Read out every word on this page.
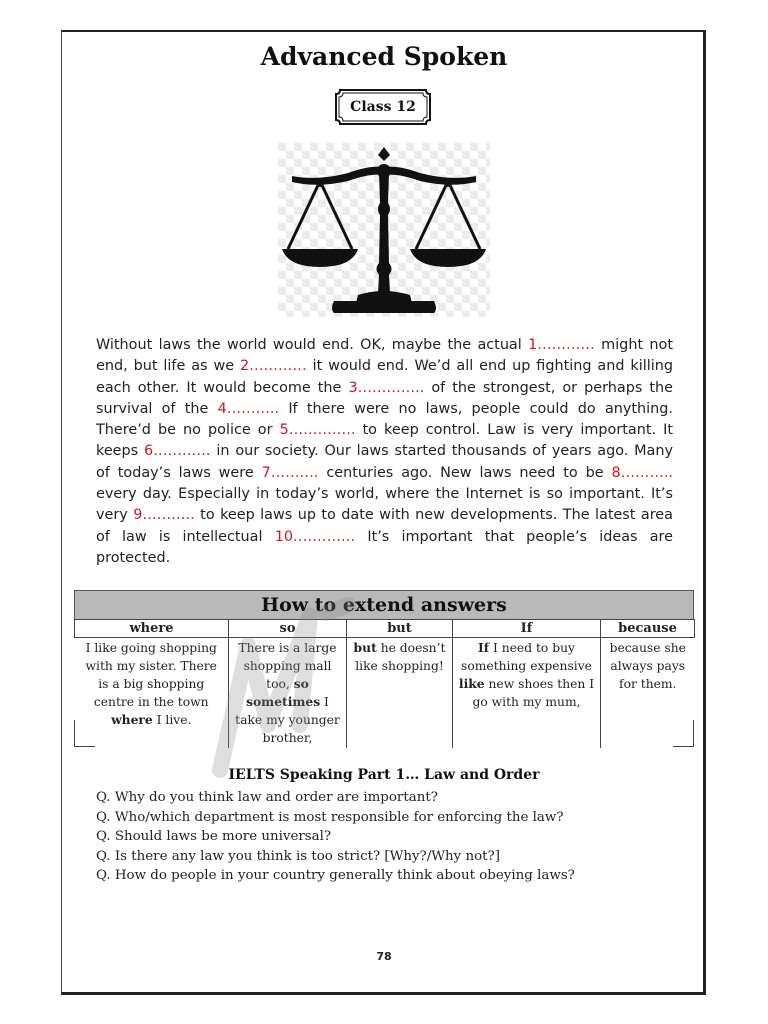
Advanced Spoken
Class 12

Without laws the world would end. OK, maybe the actual 1………… might not end, but life as we 2………… it would end. We’d all end up fighting and killing each other. It would become the 3………….. of the strongest, or perhaps the survival of the 4……….. If there were no laws, people could do anything. There’d be no police or 5………….. to keep control. Law is very important. It keeps 6………… in our society. Our laws started thousands of years ago. Many of today’s laws were 7………. centuries ago. New laws need to be 8……….. every day. Especially in today’s world, where the Internet is so important. It’s very 9……….. to keep laws up to date with new developments. The latest area of law is intellectual 10…………. It’s important that people’s ideas are protected.

How to extend answers
where	so	but	If	because
I like going shopping with my sister. There is a big shopping centre in the town where I live.	There is a large shopping mall too, so sometimes I take my younger brother,	but he doesn’t like shopping!	If I need to buy something expensive like new shoes then I go with my mum,	because she always pays for them.
IELTS Speaking Part 1… Law and Order
Q. Why do you think law and order are important?
Q. Who/which department is most responsible for enforcing the law?
Q. Should laws be more universal?
Q. Is there any law you think is too strict? [Why?/Why not?]
Q. How do people in your country generally think about obeying laws?
78
